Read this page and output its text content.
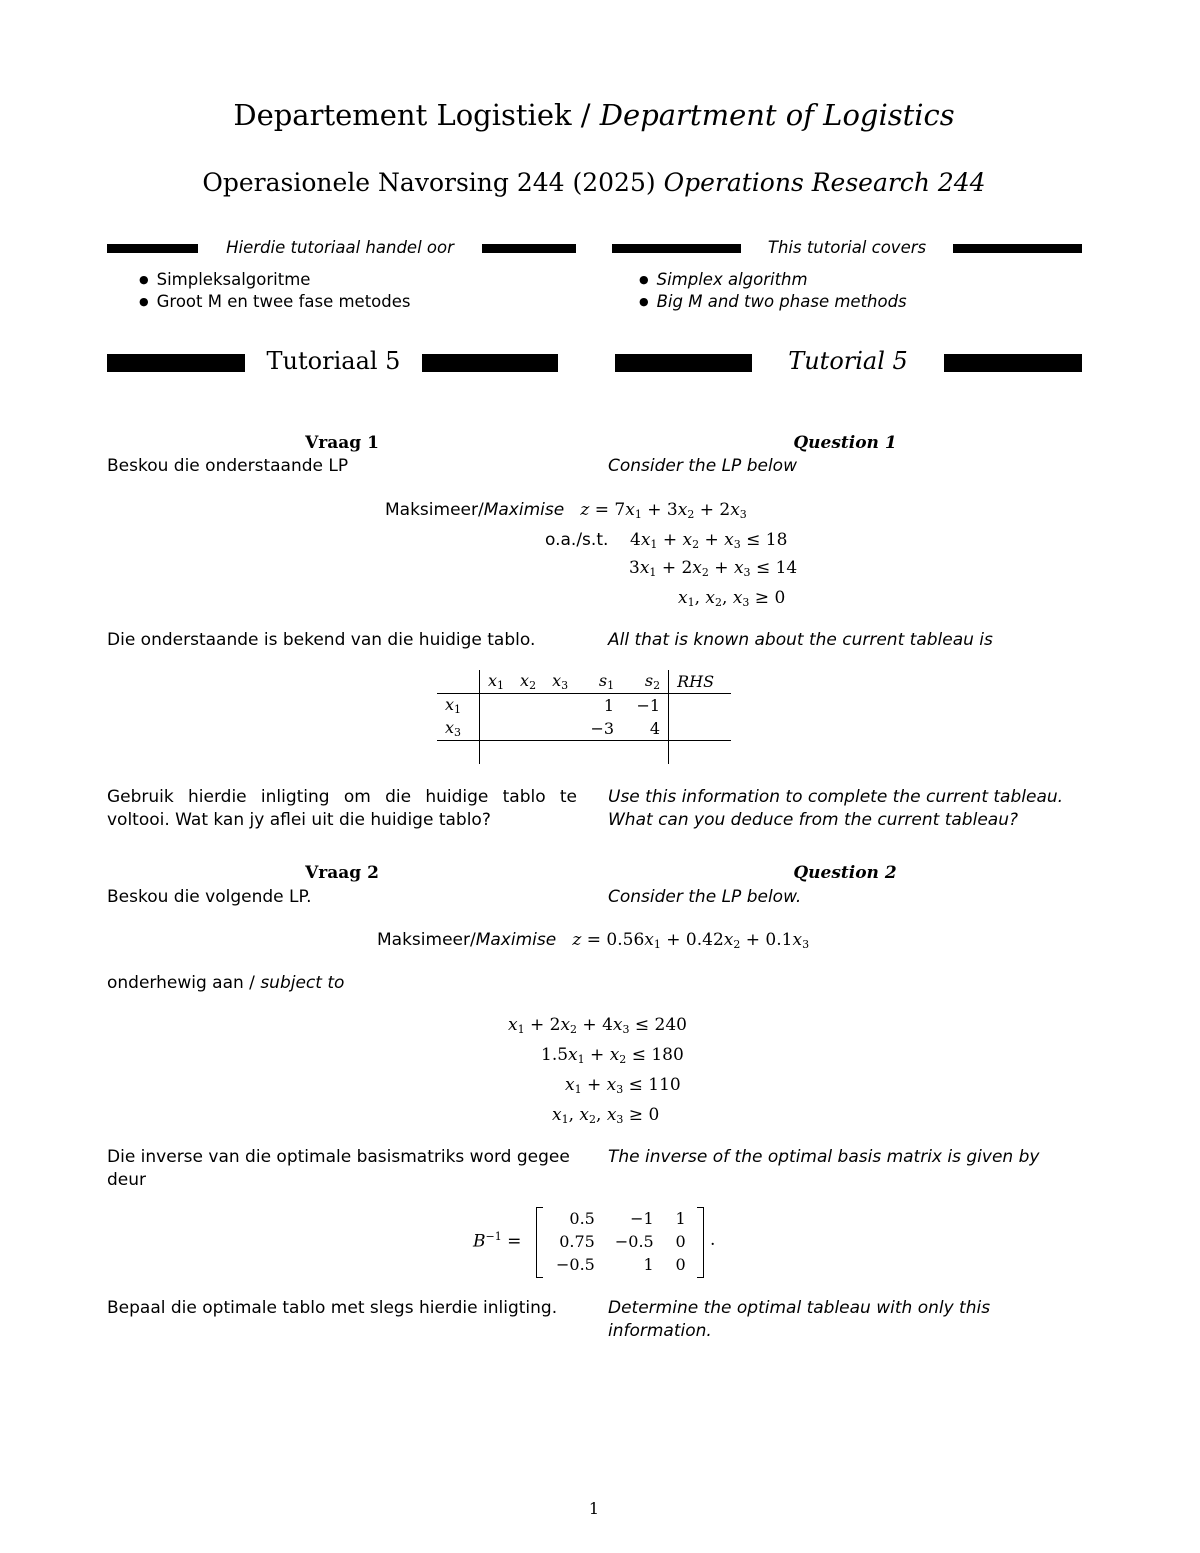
Departement Logistiek / Department of Logistics
Operasionele Navorsing 244 (2025) Operations Research 244
Hierdie tutoriaal handel oor	This tutorial covers
● Simpleksalgoritme
● Groot M en twee fase metodes
● Simplex algorithm
● Big M and two phase methods
Tutoriaal 5	Tutorial 5
Vraag 1	Question 1
Beskou die onderstaande LP	Consider the LP below
Maksimeer/Maximise $z = 7x_1 + 3x_2 + 2x_3$
o.a./s.t.    $4x_1 + x_2 + x_3 \le 18$
$3x_1 + 2x_2 + x_3 \le 14$
$x_1$, $x_2$, $x_3 \ge 0$
Die onderstaande is bekend van die huidige tablo.	All that is known about the current tableau is
	$x_1$	$x_2$	$x_3$	$s_1$	$s_2$	RHS
$x_1$				1	−1	
$x_3$				−3	4	

Gebruik hierdie inligting om die huidige tablo te voltooi. Wat kan jy aflei uit die huidige tablo?
Use this information to complete the current tableau. What can you deduce from the current tableau?
Vraag 2	Question 2
Beskou die volgende LP.	Consider the LP below.
Maksimeer/Maximise $z = 0.56x_1 + 0.42x_2 + 0.1x_3$
onderhewig aan / subject to
$x_1 + 2x_2 + 4x_3 \le 240$
$1.5x_1 + x_2 \le 180$
$x_1 + x_3 \le 110$
$x_1$, $x_2$, $x_3 \ge 0$
Die inverse van die optimale basismatriks word gegee deur
The inverse of the optimal basis matrix is given by
$B^{-1}$ =
0.5	−1	1
0.75	−0.5	0
−0.5	1	0
.
Bepaal die optimale tablo met slegs hierdie inligting.	Determine the optimal tableau with only this information.
1
